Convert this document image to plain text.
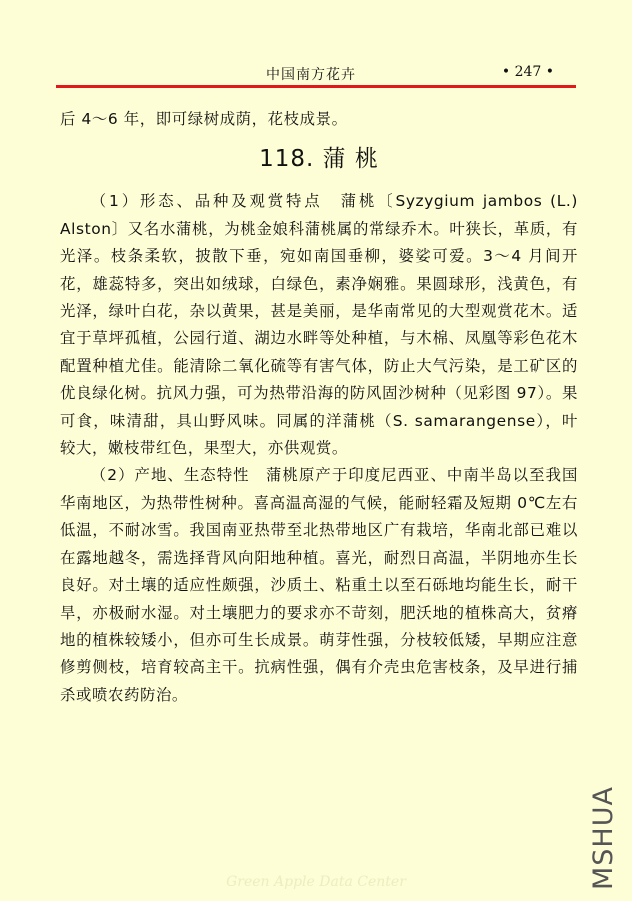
中国南方花卉	• 247 •

后 4～6 年，即可绿树成荫，花枝成景。

118. 蒲 桃

（1）形态、品种及观赏特点　蒲桃〔Syzygium jambos (L.) Alston〕又名水蒲桃，为桃金娘科蒲桃属的常绿乔木。叶狭长，革质，有光泽。枝条柔软，披散下垂，宛如南国垂柳，婆娑可爱。3～4 月间开花，雄蕊特多，突出如绒球，白绿色，素净娴雅。果圆球形，浅黄色，有光泽，绿叶白花，杂以黄果，甚是美丽，是华南常见的大型观赏花木。适宜于草坪孤植，公园行道、湖边水畔等处种植，与木棉、凤凰等彩色花木配置种植尤佳。能清除二氧化硫等有害气体，防止大气污染，是工矿区的优良绿化树。抗风力强，可为热带沿海的防风固沙树种（见彩图 97）。果可食，味清甜，具山野风味。同属的洋蒲桃（S. samarangense），叶较大，嫩枝带红色，果型大，亦供观赏。

（2）产地、生态特性　蒲桃原产于印度尼西亚、中南半岛以至我国华南地区，为热带性树种。喜高温高湿的气候，能耐轻霜及短期 0℃左右低温，不耐冰雪。我国南亚热带至北热带地区广有栽培，华南北部已难以在露地越冬，需选择背风向阳地种植。喜光，耐烈日高温，半阴地亦生长良好。对土壤的适应性颇强，沙质土、粘重土以至石砾地均能生长，耐干旱，亦极耐水湿。对土壤肥力的要求亦不苛刻，肥沃地的植株高大，贫瘠地的植株较矮小，但亦可生长成景。萌芽性强，分枝较低矮，早期应注意修剪侧枝，培育较高主干。抗病性强，偶有介壳虫危害枝条，及早进行捕杀或喷农药防治。

Green Apple Data Center	MSHUA
